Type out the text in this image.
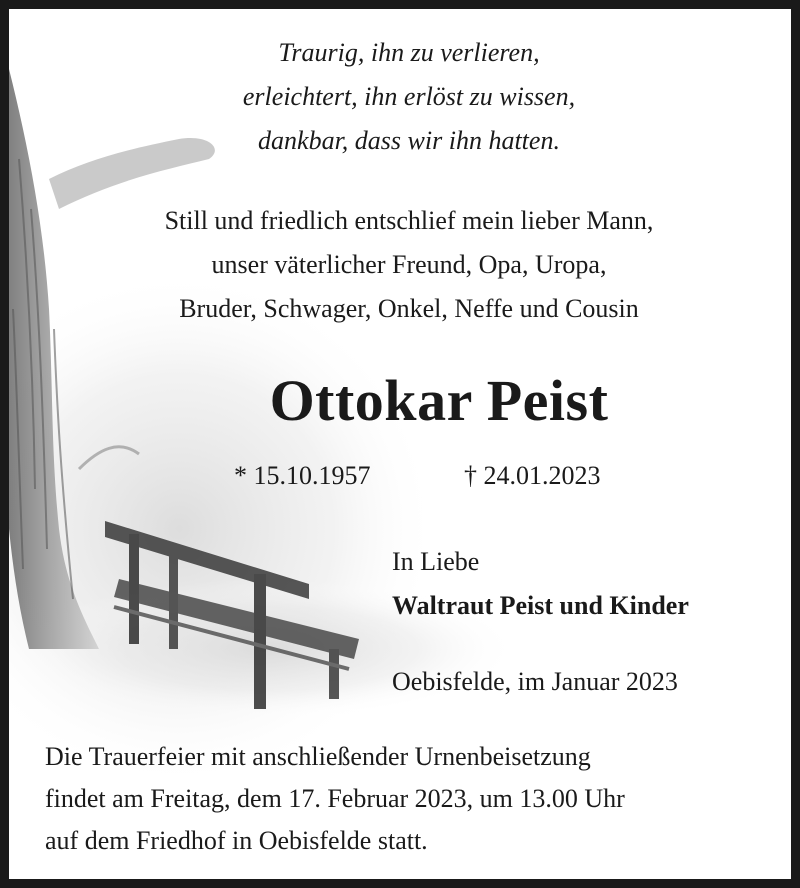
Traurig, ihn zu verlieren,
erleichtert, ihn erlöst zu wissen,
dankbar, dass wir ihn hatten.
Still und friedlich entschlief mein lieber Mann,
unser väterlicher Freund, Opa, Uropa,
Bruder, Schwager, Onkel, Neffe und Cousin
Ottokar Peist
* 15.10.1957	† 24.01.2023
In Liebe
Waltraut Peist und Kinder
Oebisfelde, im Januar 2023
Die Trauerfeier mit anschließender Urnenbeisetzung
findet am Freitag, dem 17. Februar 2023, um 13.00 Uhr
auf dem Friedhof in Oebisfelde statt.
